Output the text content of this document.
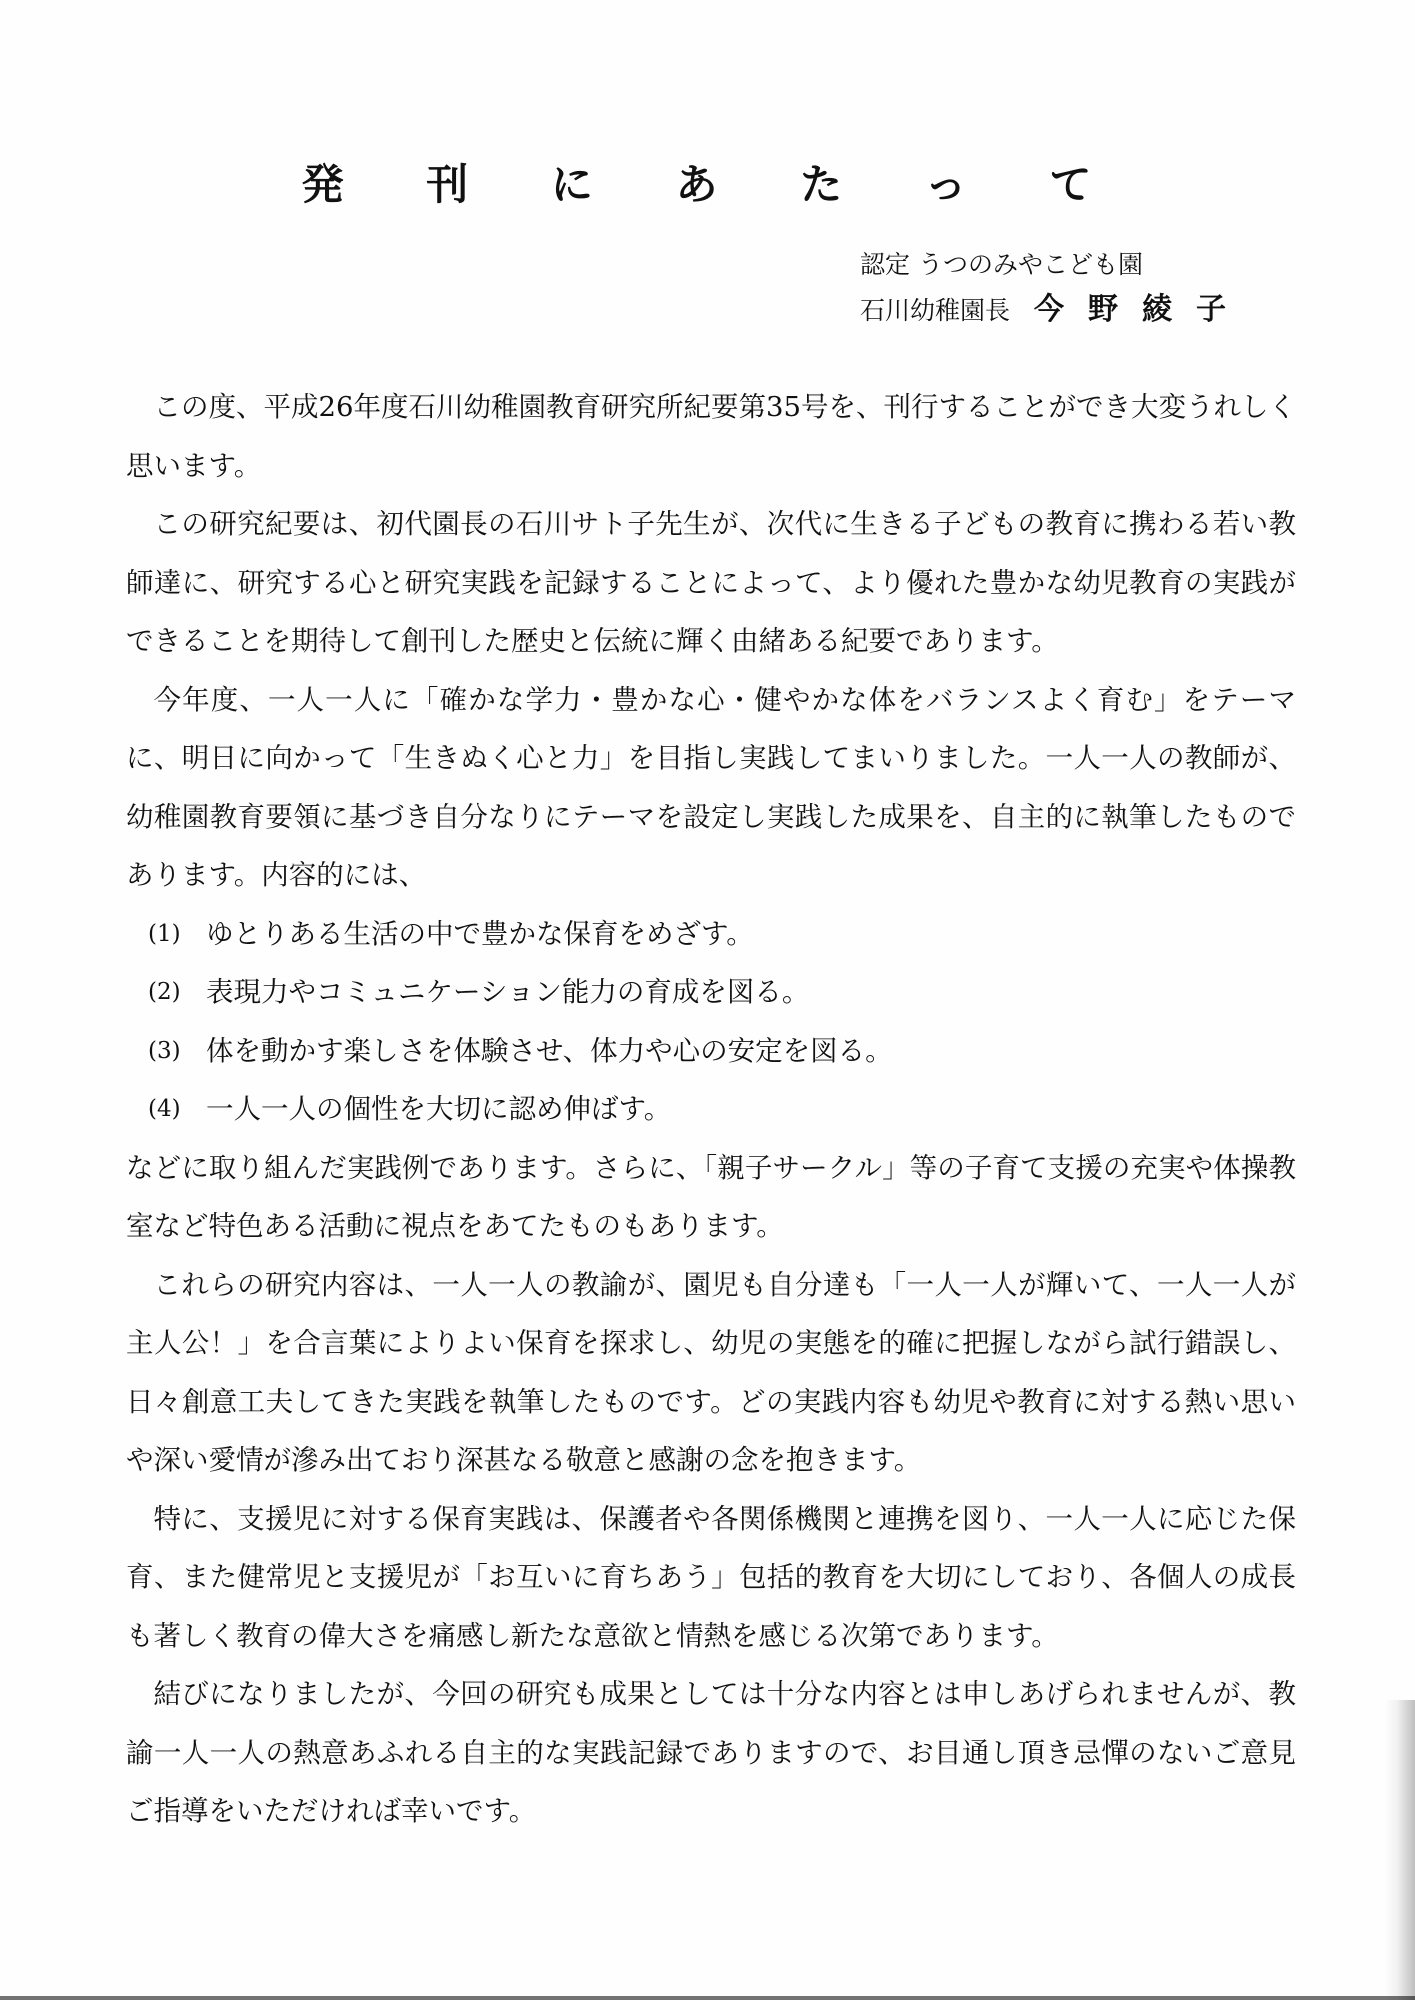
発 刊 に あ た っ て
認定 うつのみやこども園
石川幼稚園長 今野綾子

この度、平成26年度石川幼稚園教育研究所紀要第35号を、刊行することができ大変うれしく思います。

この研究紀要は、初代園長の石川サト子先生が、次代に生きる子どもの教育に携わる若い教師達に、研究する心と研究実践を記録することによって、より優れた豊かな幼児教育の実践ができることを期待して創刊した歴史と伝統に輝く由緒ある紀要であります。

今年度、一人一人に「確かな学力・豊かな心・健やかな体をバランスよく育む」をテーマに、明日に向かって「生きぬく心と力」を目指し実践してまいりました。一人一人の教師が、幼稚園教育要領に基づき自分なりにテーマを設定し実践した成果を、自主的に執筆したものであります。内容的には、

(1) ゆとりある生活の中で豊かな保育をめざす。
(2) 表現力やコミュニケーション能力の育成を図る。
(3) 体を動かす楽しさを体験させ、体力や心の安定を図る。
(4) 一人一人の個性を大切に認め伸ばす。

などに取り組んだ実践例であります。さらに、「親子サークル」等の子育て支援の充実や体操教室など特色ある活動に視点をあてたものもあります。

これらの研究内容は、一人一人の教諭が、園児も自分達も「一人一人が輝いて、一人一人が主人公！」を合言葉によりよい保育を探求し、幼児の実態を的確に把握しながら試行錯誤し、日々創意工夫してきた実践を執筆したものです。どの実践内容も幼児や教育に対する熱い思いや深い愛情が滲み出ており深甚なる敬意と感謝の念を抱きます。

特に、支援児に対する保育実践は、保護者や各関係機関と連携を図り、一人一人に応じた保育、また健常児と支援児が「お互いに育ちあう」包括的教育を大切にしており、各個人の成長も著しく教育の偉大さを痛感し新たな意欲と情熱を感じる次第であります。

結びになりましたが、今回の研究も成果としては十分な内容とは申しあげられませんが、教諭一人一人の熱意あふれる自主的な実践記録でありますので、お目通し頂き忌憚のないご意見ご指導をいただければ幸いです。
